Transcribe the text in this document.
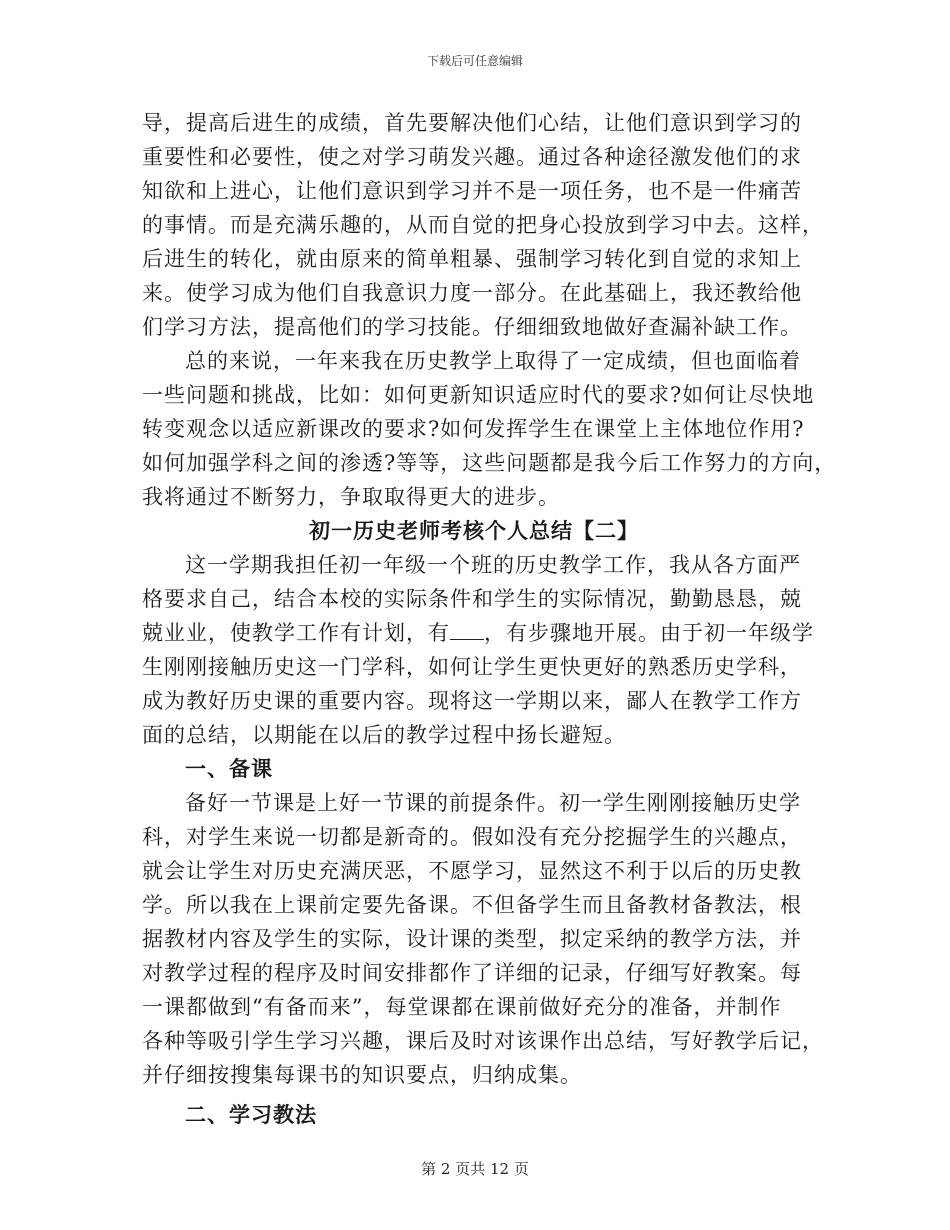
下载后可任意编辑
导，提高后进生的成绩，首先要解决他们心结，让他们意识到学习的
重要性和必要性，使之对学习萌发兴趣。通过各种途径激发他们的求
知欲和上进心，让他们意识到学习并不是一项任务，也不是一件痛苦
的事情。而是充满乐趣的，从而自觉的把身心投放到学习中去。这样，
后进生的转化，就由原来的简单粗暴、强制学习转化到自觉的求知上
来。使学习成为他们自我意识力度一部分。在此基础上，我还教给他
们学习方法，提高他们的学习技能。仔细细致地做好查漏补缺工作。
总的来说，一年来我在历史教学上取得了一定成绩，但也面临着
一些问题和挑战，比如：如何更新知识适应时代的要求?如何让尽快地
转变观念以适应新课改的要求?如何发挥学生在课堂上主体地位作用?
如何加强学科之间的渗透?等等，这些问题都是我今后工作努力的方向，
我将通过不断努力，争取取得更大的进步。
初一历史老师考核个人总结【二】
这一学期我担任初一年级一个班的历史教学工作，我从各方面严
格要求自己，结合本校的实际条件和学生的实际情况，勤勤恳恳，兢
兢业业，使教学工作有计划，有 ，有步骤地开展。由于初一年级学
生刚刚接触历史这一门学科，如何让学生更快更好的熟悉历史学科，
成为教好历史课的重要内容。现将这一学期以来，鄙人在教学工作方
面的总结，以期能在以后的教学过程中扬长避短。
一、备课
备好一节课是上好一节课的前提条件。初一学生刚刚接触历史学
科，对学生来说一切都是新奇的。假如没有充分挖掘学生的兴趣点，
就会让学生对历史充满厌恶，不愿学习，显然这不利于以后的历史教
学。所以我在上课前定要先备课。不但备学生而且备教材备教法，根
据教材内容及学生的实际，设计课的类型，拟定采纳的教学方法，并
对教学过程的程序及时间安排都作了详细的记录，仔细写好教案。每
一课都做到“有备而来”，每堂课都在课前做好充分的准备，并制作
各种等吸引学生学习兴趣，课后及时对该课作出总结，写好教学后记，
并仔细按搜集每课书的知识要点，归纳成集。
二、学习教法
第 2 页共 12 页
